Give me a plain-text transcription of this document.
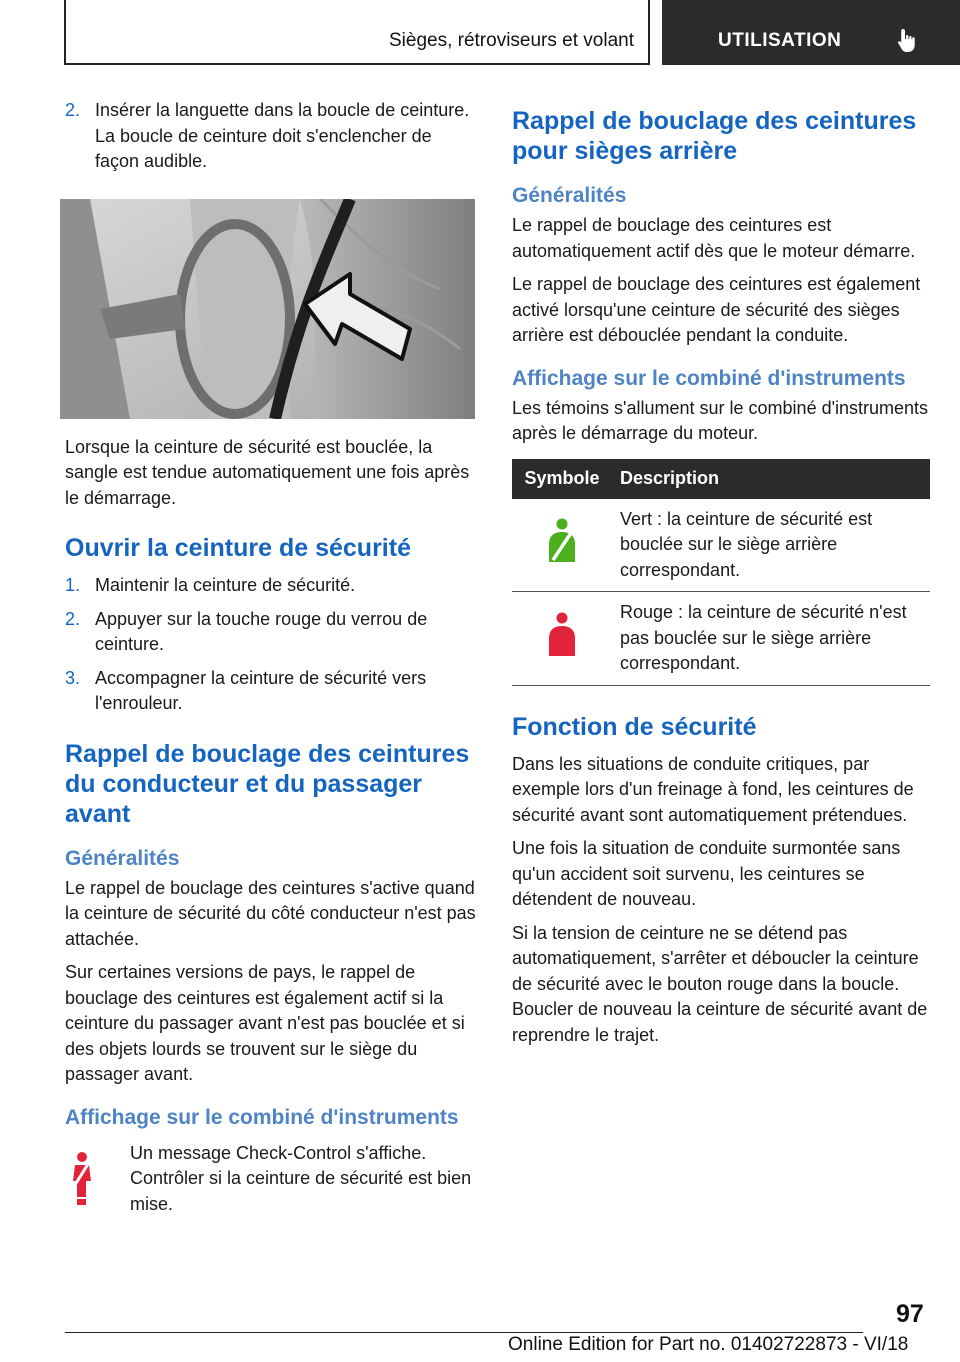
Sièges, rétroviseurs et volant	UTILISATION
2. Insérer la languette dans la boucle de ceinture. La boucle de ceinture doit s'enclencher de façon audible.
Lorsque la ceinture de sécurité est bouclée, la sangle est tendue automatiquement une fois après le démarrage.
Ouvrir la ceinture de sécurité
1. Maintenir la ceinture de sécurité.
2. Appuyer sur la touche rouge du verrou de ceinture.
3. Accompagner la ceinture de sécurité vers l'enrouleur.
Rappel de bouclage des ceintures du conducteur et du passager avant
Généralités
Le rappel de bouclage des ceintures s'active quand la ceinture de sécurité du côté conducteur n'est pas attachée.
Sur certaines versions de pays, le rappel de bouclage des ceintures est également actif si la ceinture du passager avant n'est pas bouclée et si des objets lourds se trouvent sur le siège du passager avant.
Affichage sur le combiné d'instruments
Un message Check-Control s'affiche. Contrôler si la ceinture de sécurité est bien mise.
Rappel de bouclage des ceintures pour sièges arrière
Généralités
Le rappel de bouclage des ceintures est automatiquement actif dès que le moteur démarre.
Le rappel de bouclage des ceintures est également activé lorsqu'une ceinture de sécurité des sièges arrière est débouclée pendant la conduite.
Affichage sur le combiné d'instruments
Les témoins s'allument sur le combiné d'instruments après le démarrage du moteur.
Symbole	Description
	Vert : la ceinture de sécurité est bouclée sur le siège arrière correspondant.
	Rouge : la ceinture de sécurité n'est pas bouclée sur le siège arrière correspondant.
Fonction de sécurité
Dans les situations de conduite critiques, par exemple lors d'un freinage à fond, les ceintures de sécurité avant sont automatiquement prétendues.
Une fois la situation de conduite surmontée sans qu'un accident soit survenu, les ceintures se détendent de nouveau.
Si la tension de ceinture ne se détend pas automatiquement, s'arrêter et déboucler la ceinture de sécurité avec le bouton rouge dans la boucle. Boucler de nouveau la ceinture de sécurité avant de reprendre le trajet.
97
Online Edition for Part no. 01402722873 - VI/18
